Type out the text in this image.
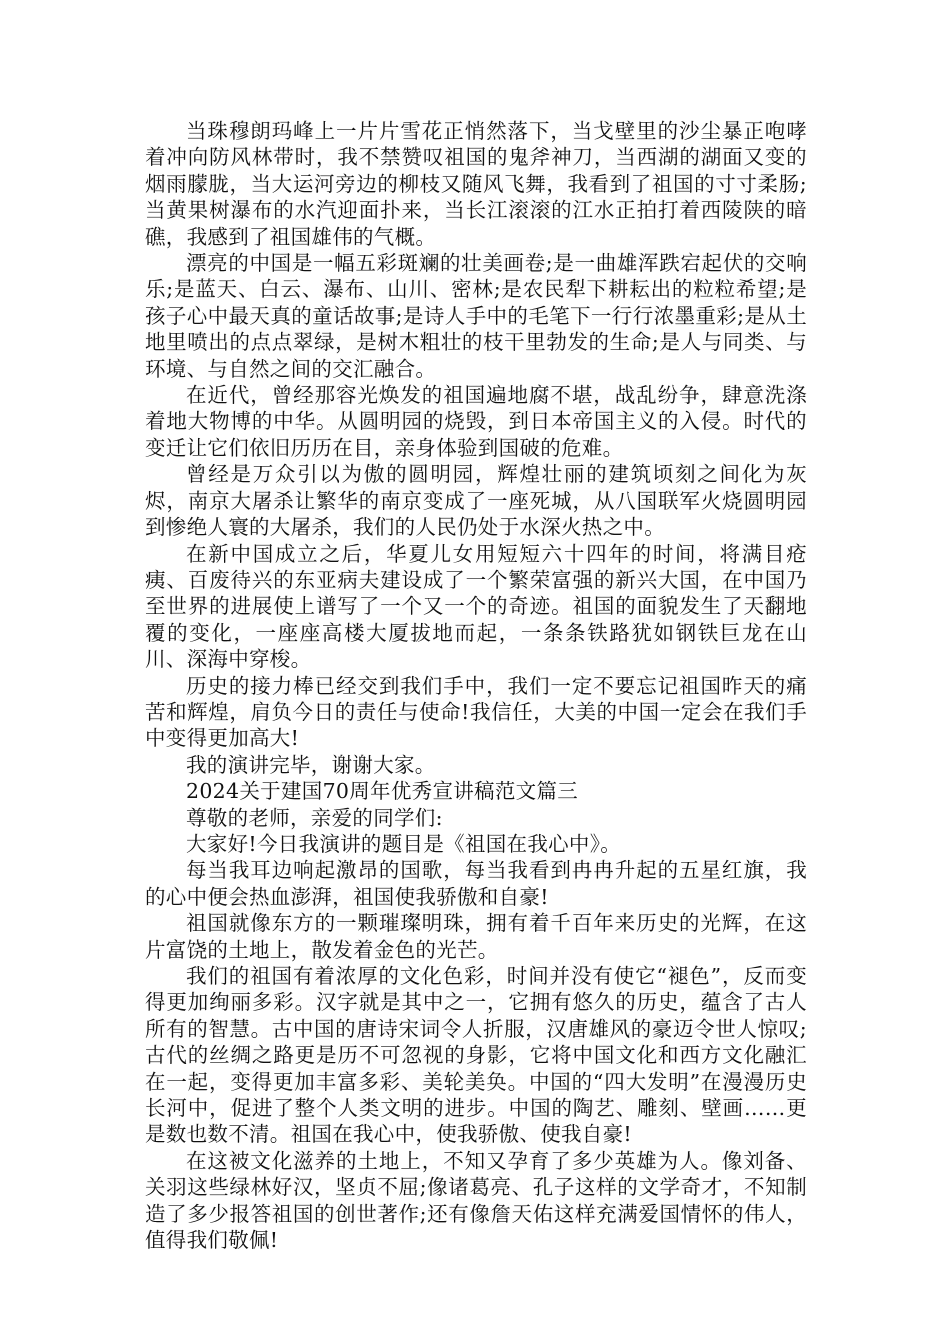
当珠穆朗玛峰上一片片雪花正悄然落下，当戈壁里的沙尘暴正咆哮着冲向防风林带时，我不禁赞叹祖国的鬼斧神刀，当西湖的湖面又变的烟雨朦胧，当大运河旁边的柳枝又随风飞舞，我看到了祖国的寸寸柔肠;当黄果树瀑布的水汽迎面扑来，当长江滚滚的江水正拍打着西陵陕的暗礁，我感到了祖国雄伟的气概。

漂亮的中国是一幅五彩斑斓的壮美画卷;是一曲雄浑跌宕起伏的交响乐;是蓝天、白云、瀑布、山川、密林;是农民犁下耕耘出的粒粒希望;是孩子心中最天真的童话故事;是诗人手中的毛笔下一行行浓墨重彩;是从土地里喷出的点点翠绿，是树木粗壮的枝干里勃发的生命;是人与同类、与环境、与自然之间的交汇融合。

在近代，曾经那容光焕发的祖国遍地腐不堪，战乱纷争，肆意洗涤着地大物博的中华。从圆明园的烧毁，到日本帝国主义的入侵。时代的变迁让它们依旧历历在目，亲身体验到国破的危难。

曾经是万众引以为傲的圆明园，辉煌壮丽的建筑顷刻之间化为灰烬，南京大屠杀让繁华的南京变成了一座死城，从八国联军火烧圆明园到惨绝人寰的大屠杀，我们的人民仍处于水深火热之中。

在新中国成立之后，华夏儿女用短短六十四年的时间，将满目疮痍、百废待兴的东亚病夫建设成了一个繁荣富强的新兴大国，在中国乃至世界的进展使上谱写了一个又一个的奇迹。祖国的面貌发生了天翻地覆的变化，一座座高楼大厦拔地而起，一条条铁路犹如钢铁巨龙在山川、深海中穿梭。

历史的接力棒已经交到我们手中，我们一定不要忘记祖国昨天的痛苦和辉煌，肩负今日的责任与使命!我信任，大美的中国一定会在我们手中变得更加高大!

我的演讲完毕，谢谢大家。

2024关于建国70周年优秀宣讲稿范文篇三

尊敬的老师，亲爱的同学们:

大家好!今日我演讲的题目是《祖国在我心中》。

每当我耳边响起激昂的国歌，每当我看到冉冉升起的五星红旗，我的心中便会热血澎湃，祖国使我骄傲和自豪!

祖国就像东方的一颗璀璨明珠，拥有着千百年来历史的光辉，在这片富饶的土地上，散发着金色的光芒。

我们的祖国有着浓厚的文化色彩，时间并没有使它“褪色”，反而变得更加绚丽多彩。汉字就是其中之一，它拥有悠久的历史，蕴含了古人所有的智慧。古中国的唐诗宋词令人折服，汉唐雄风的豪迈令世人惊叹;古代的丝绸之路更是历不可忽视的身影，它将中国文化和西方文化融汇在一起，变得更加丰富多彩、美轮美奂。中国的“四大发明”在漫漫历史长河中，促进了整个人类文明的进步。中国的陶艺、雕刻、壁画……更是数也数不清。祖国在我心中，使我骄傲、使我自豪!

在这被文化滋养的土地上，不知又孕育了多少英雄为人。像刘备、关羽这些绿林好汉，坚贞不屈;像诸葛亮、孔子这样的文学奇才，不知制造了多少报答祖国的创世著作;还有像詹天佑这样充满爱国情怀的伟人，值得我们敬佩!
